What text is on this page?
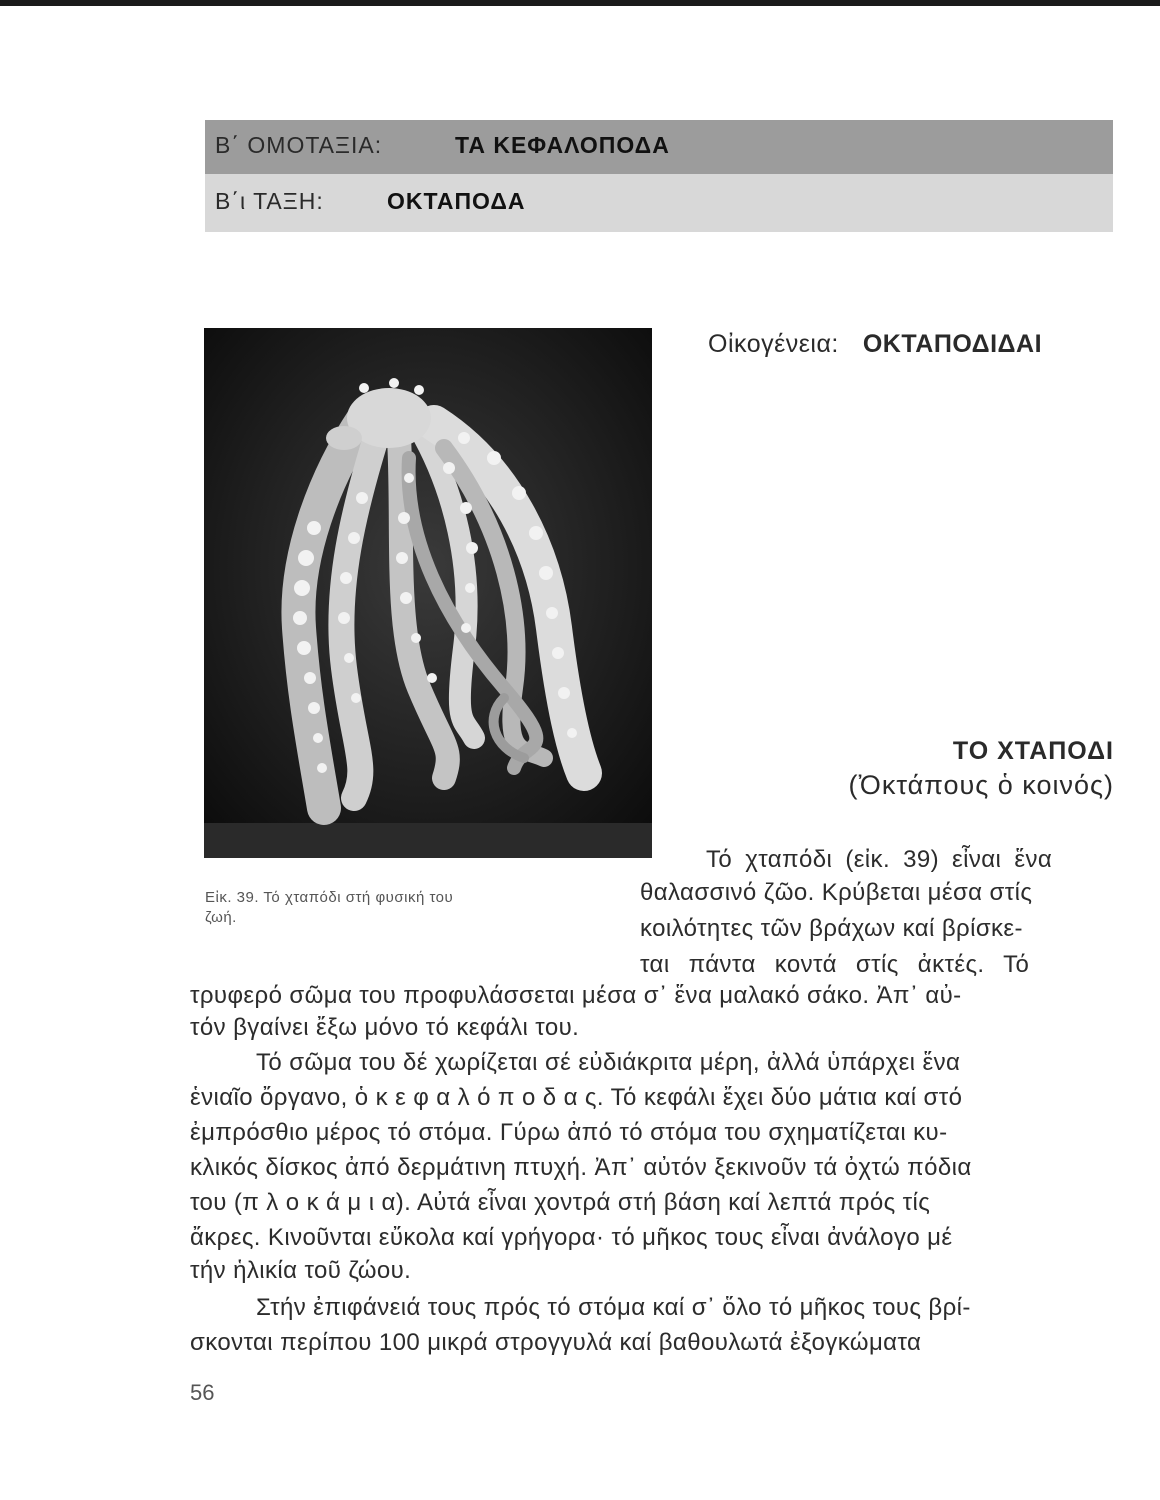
Β΄ ΟΜΟΤΑΞΙΑ:	ΤΑ ΚΕΦΑΛΟΠΟΔΑ
Β΄ι ΤΑΞΗ:	ΟΚΤΑΠΟΔΑ
Οἰκογένεια: ΟΚΤΑΠΟΔΙΔΑΙ
Εἰκ. 39. Τό χταπόδι στή φυσική του
ζωή.
ΤΟ ΧΤΑΠΟΔΙ
(Ὀκτάπους ὁ κοινός)
Τό χταπόδι (εἰκ. 39) εἶναι ἕνα
θαλασσινό ζῶο. Κρύβεται μέσα στίς
κοιλότητες τῶν βράχων καί βρίσκε-
ται πάντα κοντά στίς ἀκτές. Τό
τρυφερό σῶμα του προφυλάσσεται μέσα σ᾽ ἕνα μαλακό σάκο. Ἀπ᾽ αὐ-
τόν βγαίνει ἔξω μόνο τό κεφάλι του.
Τό σῶμα του δέ χωρίζεται σέ εὐδιάκριτα μέρη, ἀλλά ὑπάρχει ἕνα
ἑνιαῖο ὄργανο, ὁ κ ε φ α λ ό π ο δ α ς. Τό κεφάλι ἔχει δύο μάτια καί στό
ἐμπρόσθιο μέρος τό στόμα. Γύρω ἀπό τό στόμα του σχηματίζεται κυ-
κλικός δίσκος ἀπό δερμάτινη πτυχή. Ἀπ᾽ αὐτόν ξεκινοῦν τά ὀχτώ πόδια
του (π λ ο κ ά μ ι α). Αὐτά εἶναι χοντρά στή βάση καί λεπτά πρός τίς
ἄκρες. Κινοῦνται εὔκολα καί γρήγορα· τό μῆκος τους εἶναι ἀνάλογο μέ
τήν ἡλικία τοῦ ζώου.
Στήν ἐπιφάνειά τους πρός τό στόμα καί σ᾽ ὅλο τό μῆκος τους βρί-
σκονται περίπου 100 μικρά στρογγυλά καί βαθουλωτά ἐξογκώματα
56
